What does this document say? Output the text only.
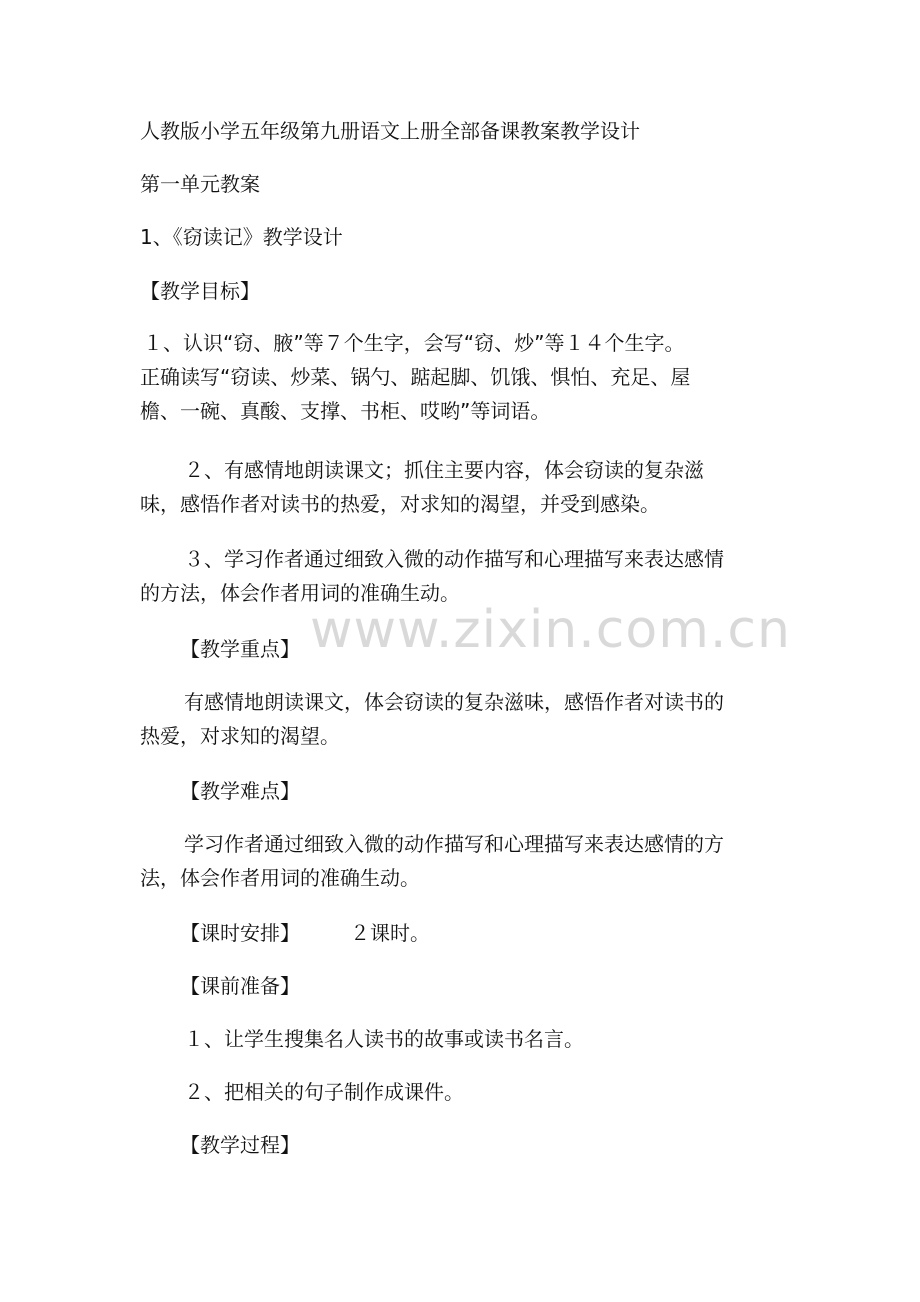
www.zixin.com.cn
人教版小学五年级第九册语文上册全部备课教案教学设计
第一单元教案
1、《窃读记》教学设计
【教学目标】
１、认识“窃、腋”等７个生字，会写“窃、炒”等１４个生字。
正确读写“窃读、炒菜、锅勺、踮起脚、饥饿、惧怕、充足、屋
檐、一碗、真酸、支撑、书柜、哎哟”等词语。
２、有感情地朗读课文；抓住主要内容，体会窃读的复杂滋
味，感悟作者对读书的热爱，对求知的渴望，并受到感染。
３、学习作者通过细致入微的动作描写和心理描写来表达感情
的方法，体会作者用词的准确生动。
【教学重点】
有感情地朗读课文，体会窃读的复杂滋味，感悟作者对读书的
热爱，对求知的渴望。
【教学难点】
学习作者通过细致入微的动作描写和心理描写来表达感情的方
法，体会作者用词的准确生动。
【课时安排】	２课时。
【课前准备】
１、让学生搜集名人读书的故事或读书名言。
２、把相关的句子制作成课件。
【教学过程】
